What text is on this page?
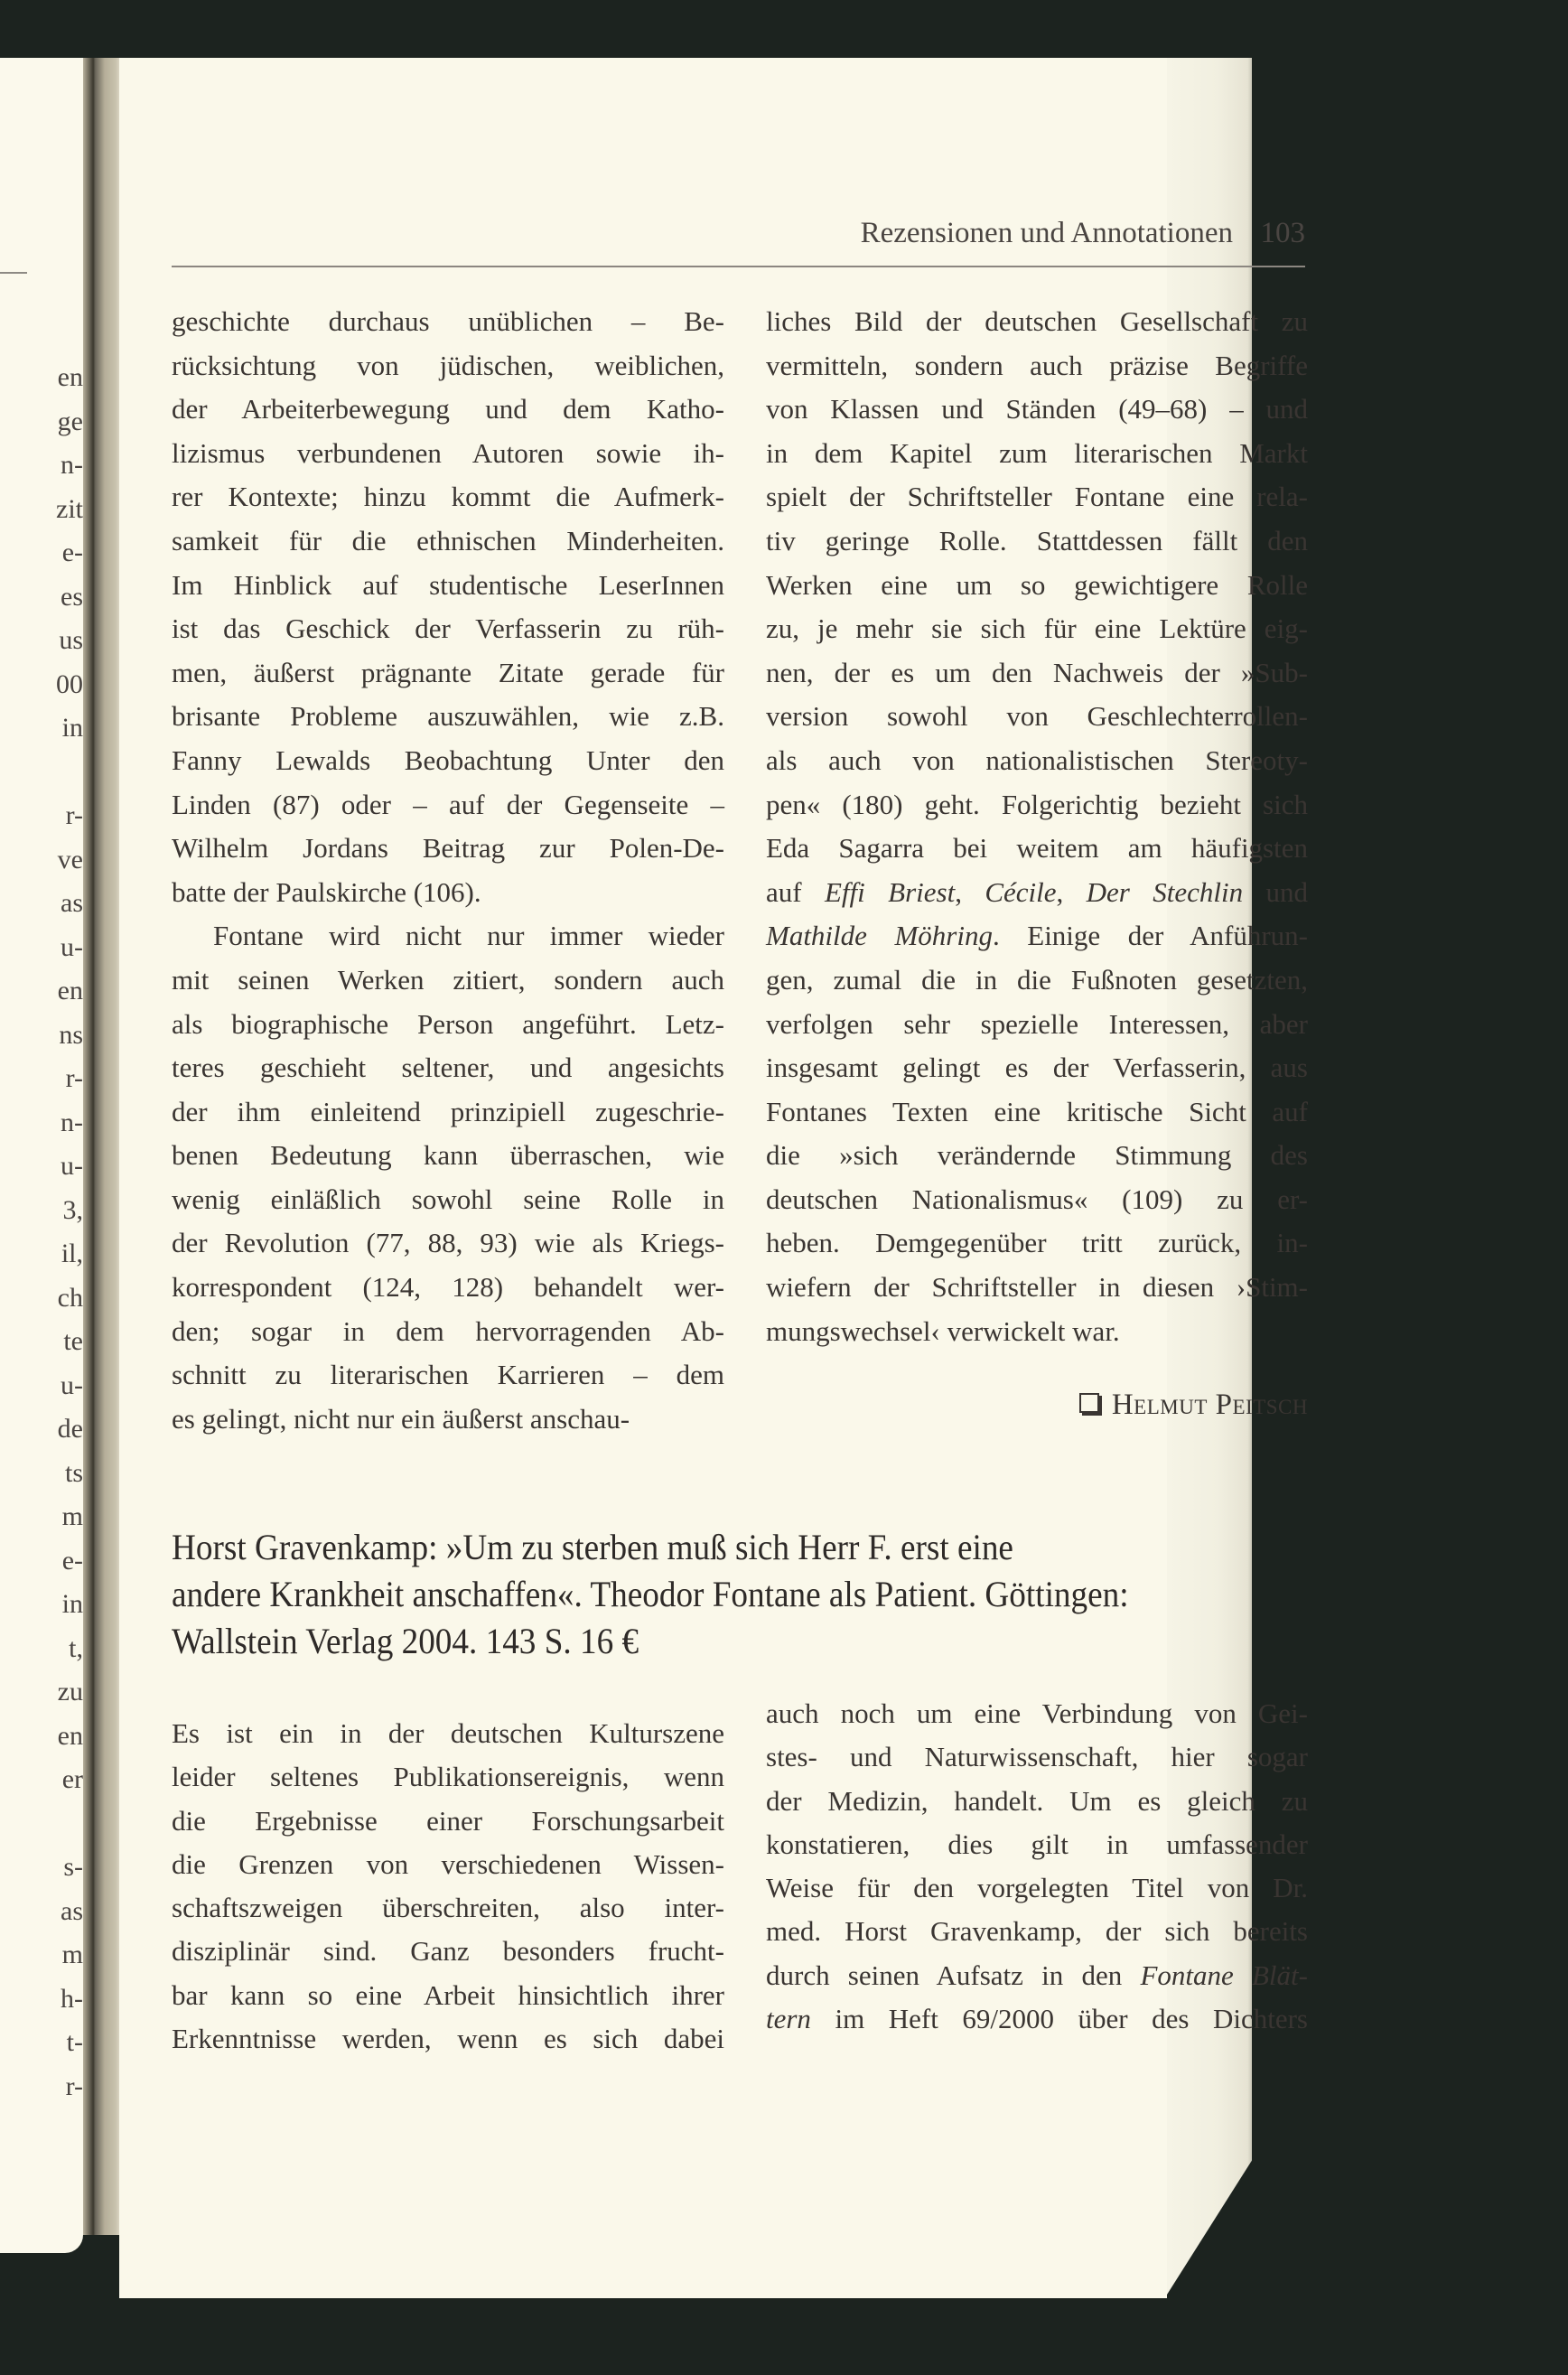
en
ge
n-
zit
e-
es
us
00
in
r-
ve
as
u-
en
ns
r-
n-
u-
3,
il,
ch
te
u-
de
ts
m
e-
in
t,
zu
en
er
s-
as
m
h-
t-
r-
Rezensionen und Annotationen 103
geschichte durchaus unüblichen – Be-
rücksichtung von jüdischen, weiblichen,
der Arbeiterbewegung und dem Katho-
lizismus verbundenen Autoren sowie ih-
rer Kontexte; hinzu kommt die Aufmerk-
samkeit für die ethnischen Minderheiten.
Im Hinblick auf studentische LeserInnen
ist das Geschick der Verfasserin zu rüh-
men, äußerst prägnante Zitate gerade für
brisante Probleme auszuwählen, wie z.B.
Fanny Lewalds Beobachtung Unter den
Linden (87) oder – auf der Gegenseite –
Wilhelm Jordans Beitrag zur Polen-De-
batte der Paulskirche (106).
Fontane wird nicht nur immer wieder
mit seinen Werken zitiert, sondern auch
als biographische Person angeführt. Letz-
teres geschieht seltener, und angesichts
der ihm einleitend prinzipiell zugeschrie-
benen Bedeutung kann überraschen, wie
wenig einläßlich sowohl seine Rolle in
der Revolution (77, 88, 93) wie als Kriegs-
korrespondent (124, 128) behandelt wer-
den; sogar in dem hervorragenden Ab-
schnitt zu literarischen Karrieren – dem
es gelingt, nicht nur ein äußerst anschau-
liches Bild der deutschen Gesellschaft zu
vermitteln, sondern auch präzise Begriffe
von Klassen und Ständen (49–68) – und
in dem Kapitel zum literarischen Markt
spielt der Schriftsteller Fontane eine rela-
tiv geringe Rolle. Stattdessen fällt den
Werken eine um so gewichtigere Rolle
zu, je mehr sie sich für eine Lektüre eig-
nen, der es um den Nachweis der »Sub-
version sowohl von Geschlechterrollen-
als auch von nationalistischen Stereoty-
pen« (180) geht. Folgerichtig bezieht sich
Eda Sagarra bei weitem am häufigsten
auf Effi Briest, Cécile, Der Stechlin und
Mathilde Möhring. Einige der Anführun-
gen, zumal die in die Fußnoten gesetzten,
verfolgen sehr spezielle Interessen, aber
insgesamt gelingt es der Verfasserin, aus
Fontanes Texten eine kritische Sicht auf
die »sich verändernde Stimmung des
deutschen Nationalismus« (109) zu er-
heben. Demgegenüber tritt zurück, in-
wiefern der Schriftsteller in diesen ›Stim-
mungswechsel‹ verwickelt war.
Helmut Peitsch
Horst Gravenkamp: »Um zu sterben muß sich Herr F. erst eine
andere Krankheit anschaffen«. Theodor Fontane als Patient. Göttingen:
Wallstein Verlag 2004. 143 S. 16 €
Es ist ein in der deutschen Kulturszene
leider seltenes Publikationsereignis, wenn
die Ergebnisse einer Forschungsarbeit
die Grenzen von verschiedenen Wissen-
schaftszweigen überschreiten, also inter-
disziplinär sind. Ganz besonders frucht-
bar kann so eine Arbeit hinsichtlich ihrer
Erkenntnisse werden, wenn es sich dabei
auch noch um eine Verbindung von Gei-
stes- und Naturwissenschaft, hier sogar
der Medizin, handelt. Um es gleich zu
konstatieren, dies gilt in umfassender
Weise für den vorgelegten Titel von Dr.
med. Horst Gravenkamp, der sich bereits
durch seinen Aufsatz in den Fontane Blät-
tern im Heft 69/2000 über des Dichters
